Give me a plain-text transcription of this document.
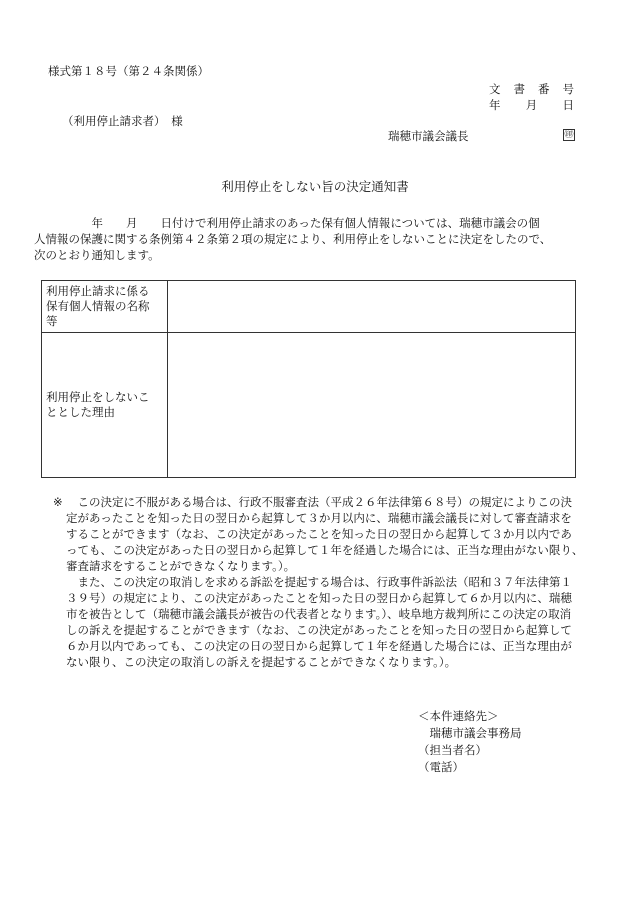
様式第１８号（第２４条関係）
文 書 番 号
年 月 日
（利用停止請求者）　様
瑞穂市議会議長	㊞
利用停止をしない旨の決定通知書

　　　　　年　　月　　日付けで利用停止請求のあった保有個人情報については、瑞穂市議会の個

人情報の保護に関する条例第４２条第２項の規定により、利用停止をしないことに決定をしたので、

次のとおり通知します。

利用停止請求に係る
保有個人情報の名称
等	

利用停止をしないこ
ととした理由	

※ 　この決定に不服がある場合は、行政不服審査法（平成２６年法律第６８号）の規定によりこの決

定があったことを知った日の翌日から起算して３か月以内に、瑞穂市議会議長に対して審査請求を

することができます（なお、この決定があったことを知った日の翌日から起算して３か月以内であ

っても、この決定があった日の翌日から起算して１年を経過した場合には、正当な理由がない限り、

審査請求をすることができなくなります。）。

　また、この決定の取消しを求める訴訟を提起する場合は、行政事件訴訟法（昭和３７年法律第１

３９号）の規定により、この決定があったことを知った日の翌日から起算して６か月以内に、瑞穂

市を被告として（瑞穂市議会議長が被告の代表者となります。）、岐阜地方裁判所にこの決定の取消

しの訴えを提起することができます（なお、この決定があったことを知った日の翌日から起算して

６か月以内であっても、この決定の日の翌日から起算して１年を経過した場合には、正当な理由が

ない限り、この決定の取消しの訴えを提起することができなくなります。）。

＜本件連絡先＞
　瑞穂市議会事務局
（担当者名）
（電話）
